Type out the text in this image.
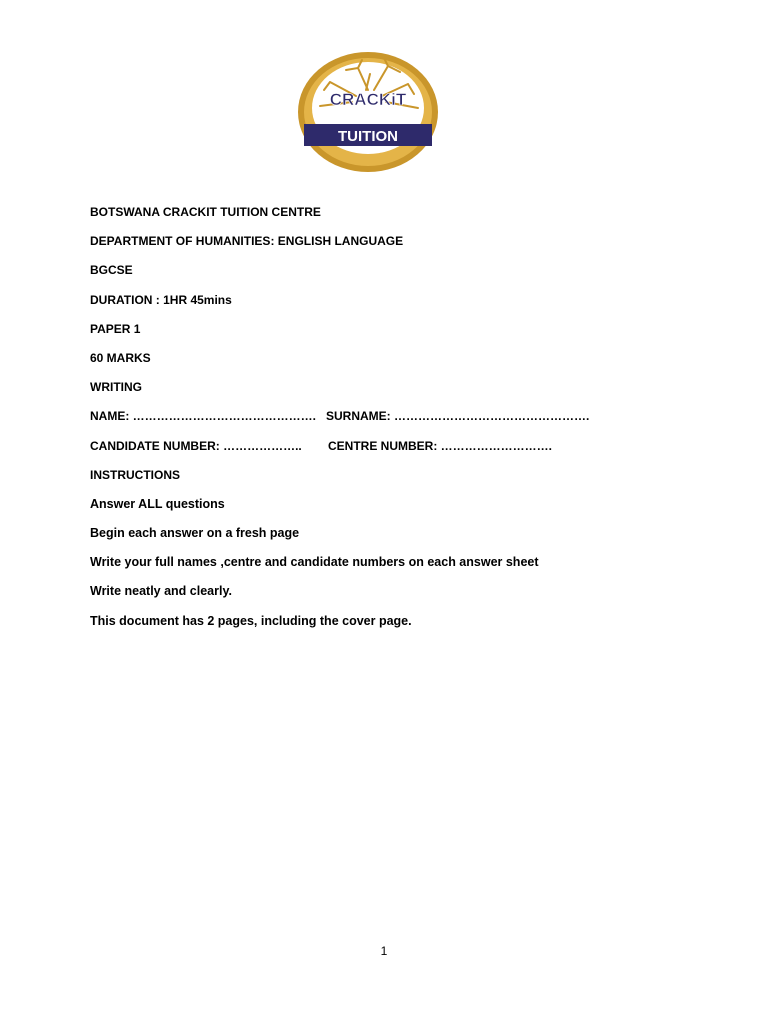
CRACKiT
TUITION
BOTSWANA CRACKIT TUITION CENTRE
DEPARTMENT OF HUMANITIES: ENGLISH LANGUAGE
BGCSE
DURATION : 1HR 45mins
PAPER 1
60 MARKS
WRITING
NAME: ………………………………………. SURNAME: ………………………………………….
CANDIDATE NUMBER: ……………….. CENTRE NUMBER: ……………………….
INSTRUCTIONS
Answer ALL questions
Begin each answer on a fresh page
Write your full names ,centre and candidate numbers on each answer sheet
Write neatly and clearly.
This document has 2 pages, including the cover page.
1
